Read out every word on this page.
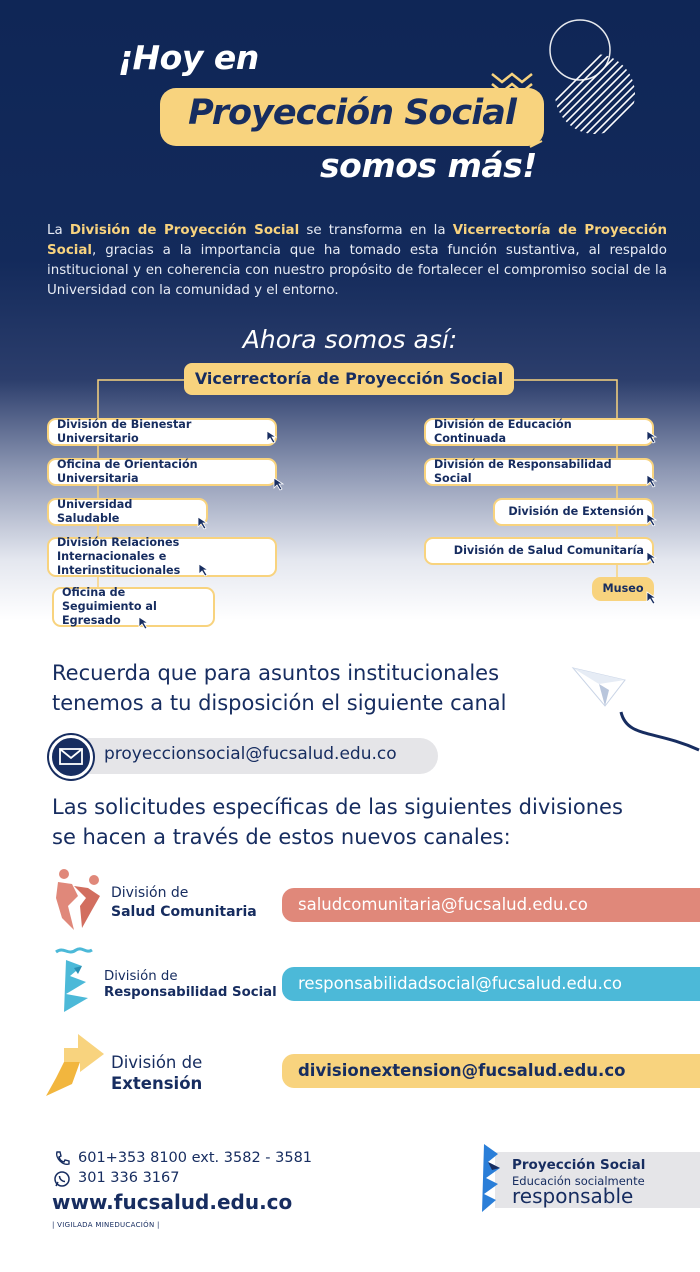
¡Hoy en
Proyección Social
somos más!
La División de Proyección Social se transforma en la Vicerrectoría de Proyección Social, gracias a la importancia que ha tomado esta función sustantiva, al respaldo institucional y en coherencia con nuestro propósito de fortalecer el compromiso social de la Universidad con la comunidad y el entorno.
Ahora somos así:
Vicerrectoría de Proyección Social
División de Bienestar Universitario
Oficina de Orientación Universitaria
Universidad Saludable
División Relaciones Internacionales e Interinstitucionales
Oficina de Seguimiento al Egresado
División de Educación Continuada
División de Responsabilidad Social
División de Extensión
División de Salud Comunitaría
Museo
Recuerda que para asuntos institucionales
tenemos a tu disposición el siguiente canal
proyeccionsocial@fucsalud.edu.co
Las solicitudes específicas de las siguientes divisiones
se hacen a través de estos nuevos canales:
División de
Salud Comunitaria	saludcomunitaria@fucsalud.edu.co
División de
Responsabilidad Social	responsabilidadsocial@fucsalud.edu.co
División de
Extensión
divisionextension@fucsalud.edu.co
601+353 8100 ext. 3582 - 3581
301 336 3167
www.fucsalud.edu.co
| VIGILADA MINEDUCACIÓN |
Proyección Social
Educación socialmente
responsable
